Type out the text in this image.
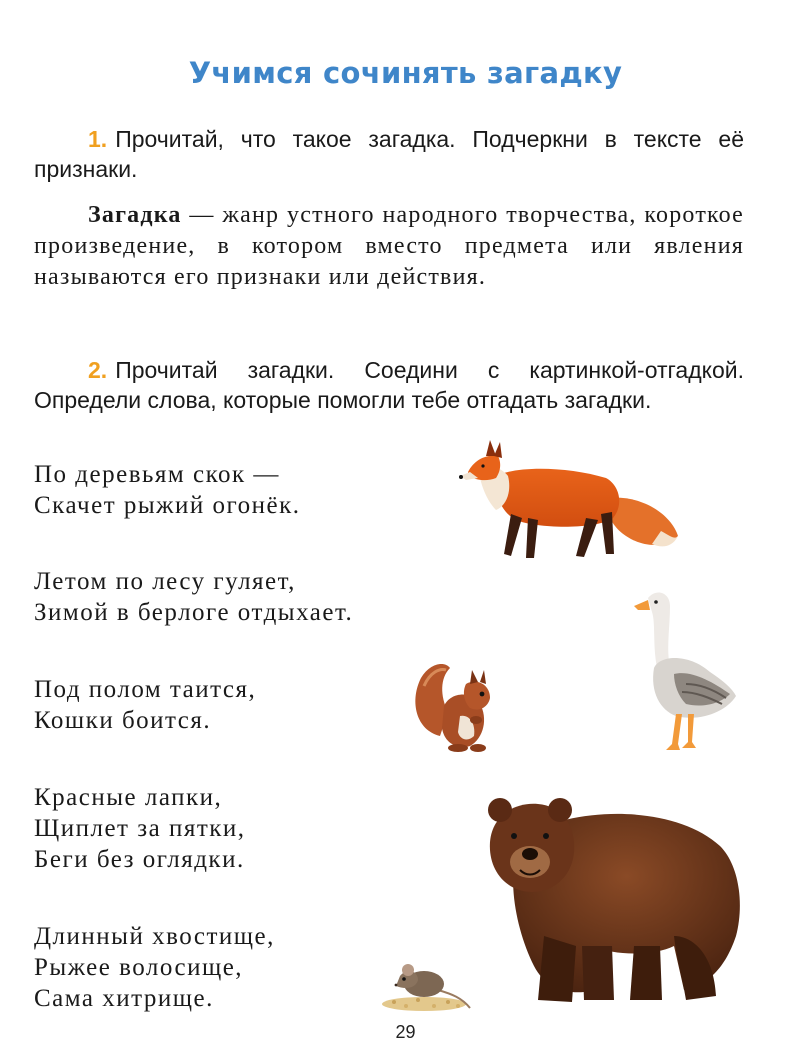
Учимся сочинять загадку
1. Прочитай, что такое загадка. Подчеркни в тексте её признаки.
Загадка — жанр устного народного творчества, короткое произведение, в котором вместо предмета или явления называются его признаки или действия.
2. Прочитай загадки. Соедини с картинкой-отгадкой. Определи слова, которые помогли тебе отгадать загадки.
По деревьям скок —
Скачет рыжий огонёк.
Летом по лесу гуляет,
Зимой в берлоге отдыхает.
Под полом таится,
Кошки боится.
Красные лапки,
Щиплет за пятки,
Беги без оглядки.
Длинный хвостище,
Рыжее волосище,
Сама хитрище.
29
